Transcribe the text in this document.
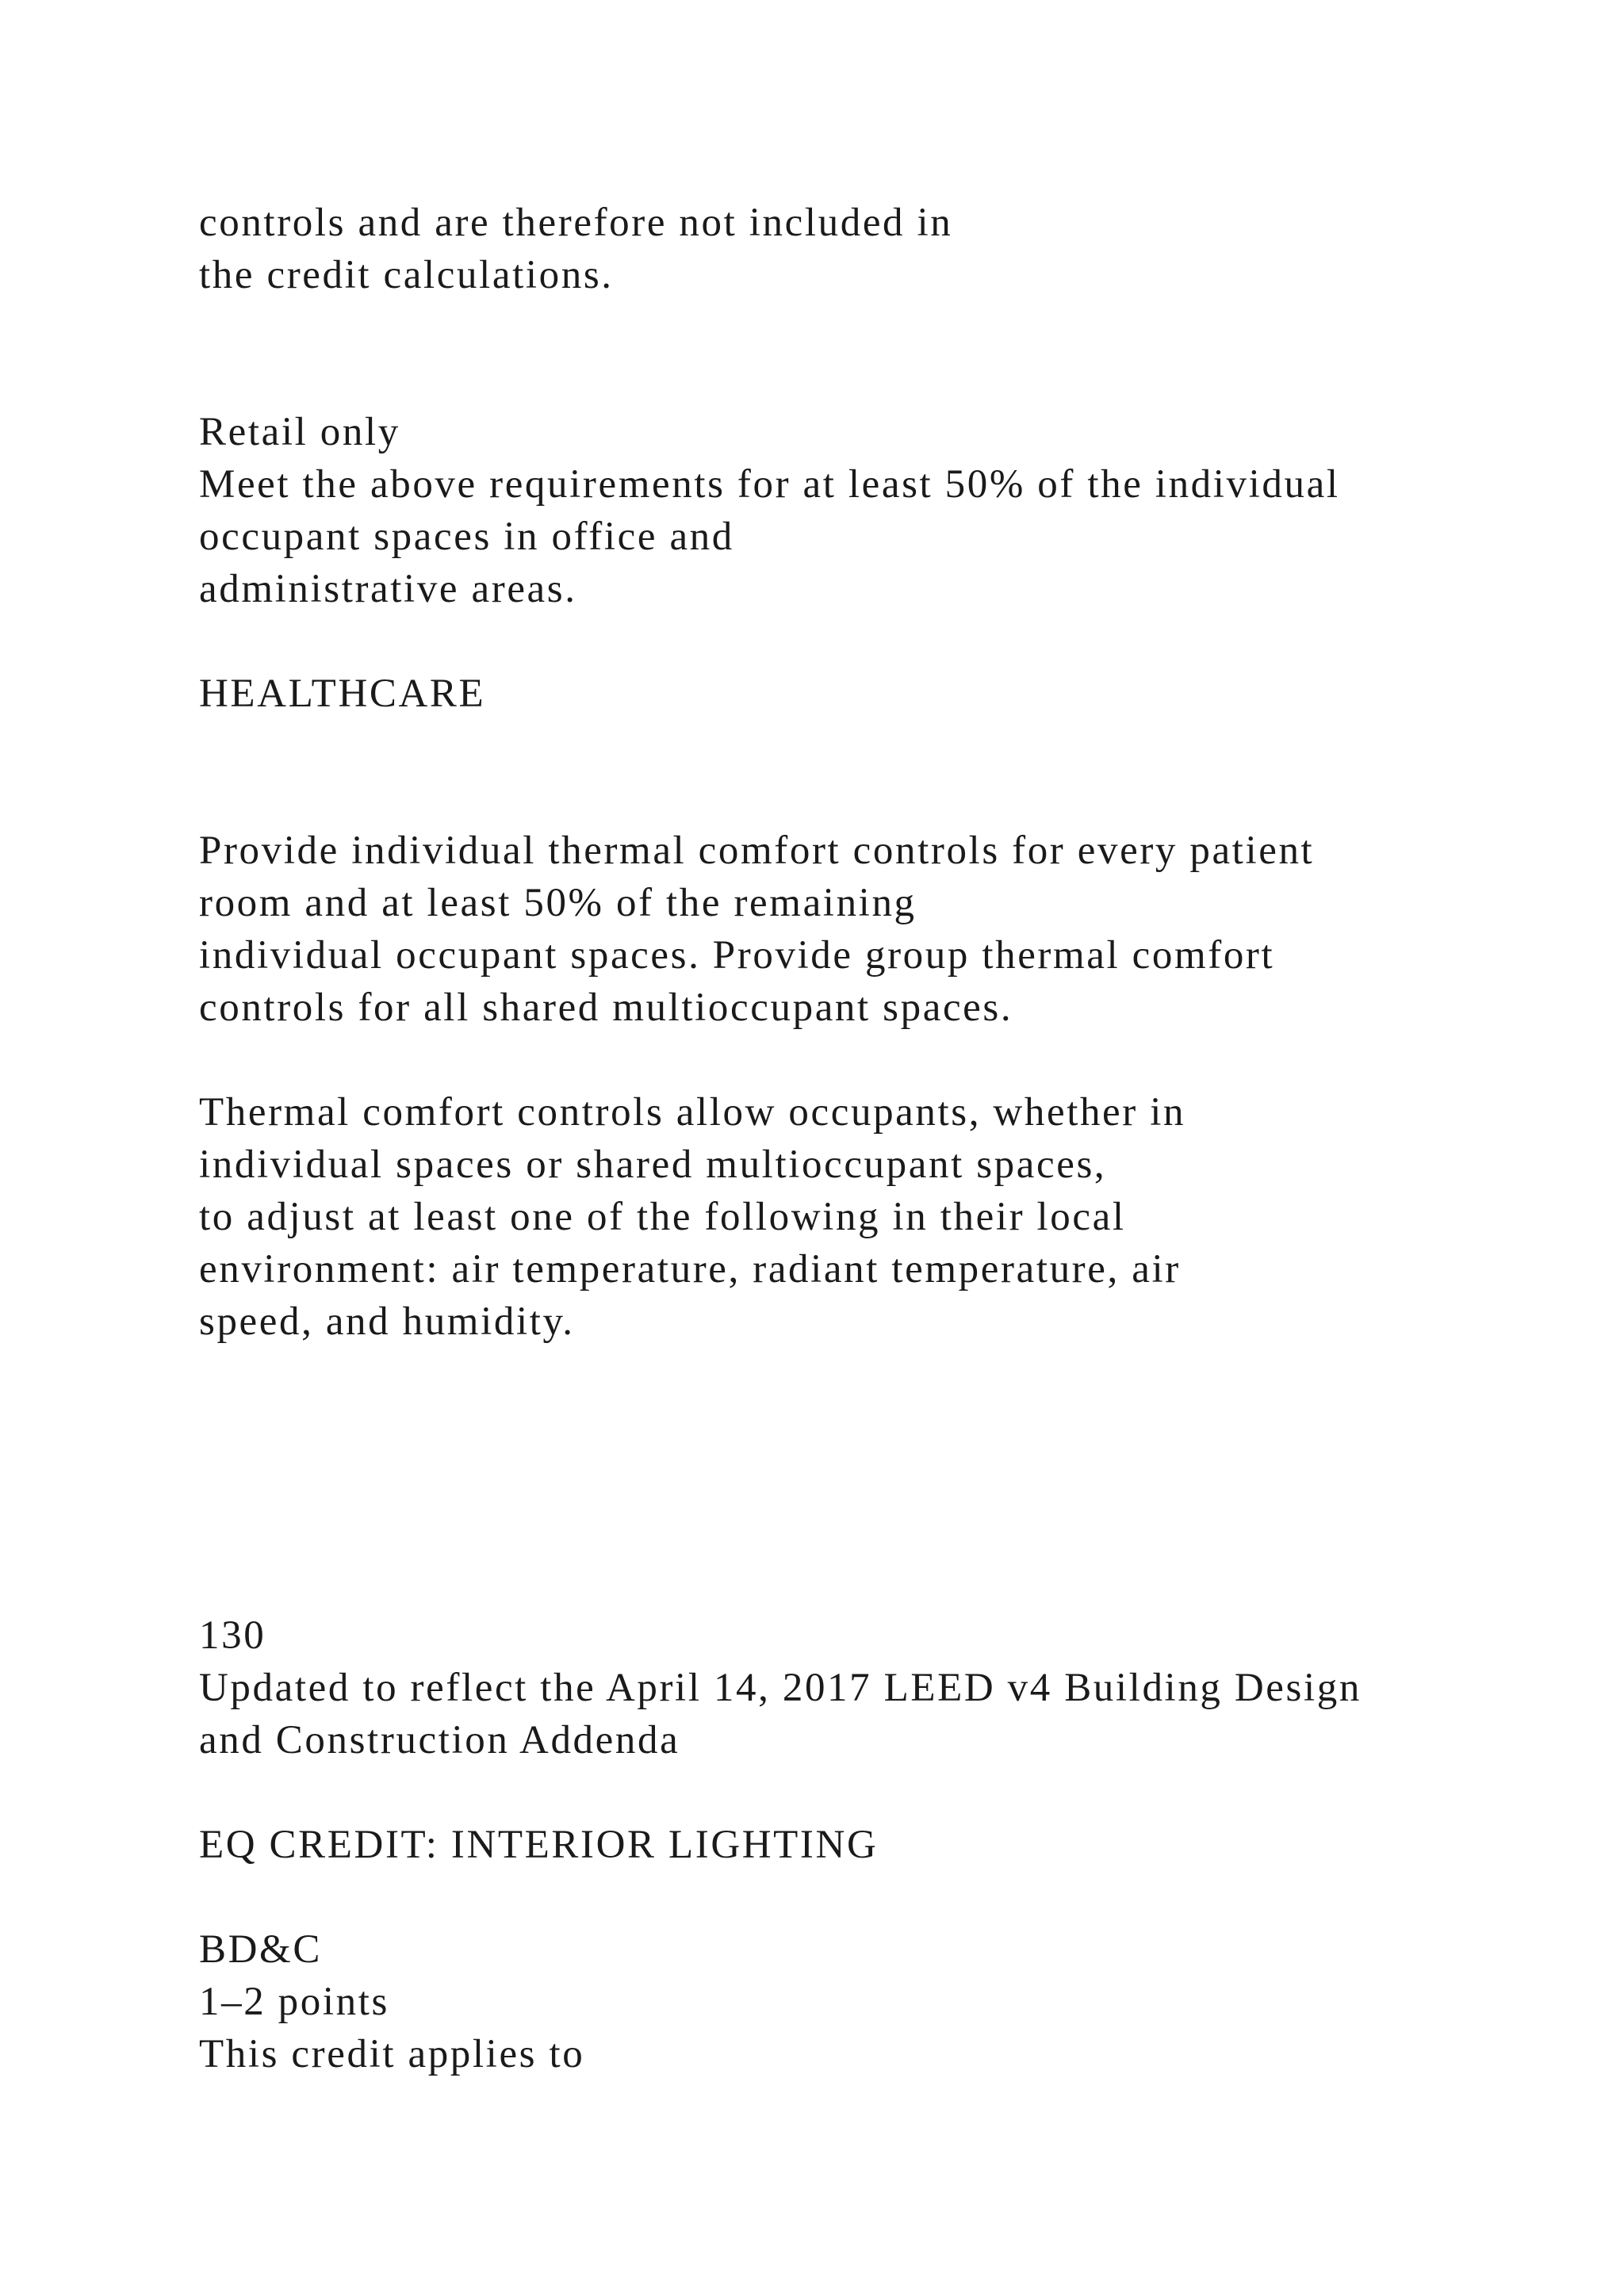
controls and are therefore not included in
the credit calculations.
Retail only
Meet the above requirements for at least 50% of the individual
occupant spaces in office and
administrative areas.
HEALTHCARE
Provide individual thermal comfort controls for every patient
room and at least 50% of the remaining
individual occupant spaces. Provide group thermal comfort
controls for all shared multioccupant spaces.
Thermal comfort controls allow occupants, whether in
individual spaces or shared multioccupant spaces,
to adjust at least one of the following in their local
environment: air temperature, radiant temperature, air
speed, and humidity.
130
Updated to reflect the April 14, 2017 LEED v4 Building Design
and Construction Addenda
EQ CREDIT: INTERIOR LIGHTING
BD&C
1–2 points
This credit applies to
